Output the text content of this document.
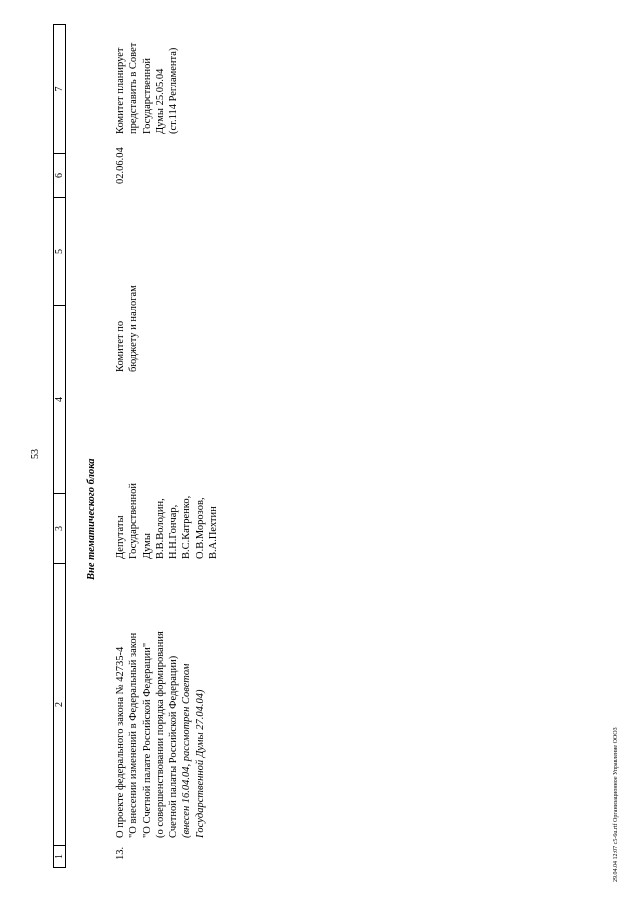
53
1
2
3
4
5
6
7
Вне тематического блока
13.
О проекте федерального закона № 42735-4 "О внесении изменений в Федеральный закон "О Счетной палате Российской Федерации" (о совершенствовании порядка формирования Счетной палаты Российской Федерации) (внесен 16.04.04, рассмотрен Советом Государственной Думы 27.04.04)
Депутаты Государственной Думы В.В.Володин, Н.Н.Гончар, В.С.Катренко, О.В.Морозов, В.А.Пехтин
Комитет по бюджету и налогам
02.06.04
Комитет планирует представить в Совет Государственной Думы 25.05.04 (ст.114 Регламента)
29.04.04 12:07 c5-6u.rtf Организационное Управление ООО3
